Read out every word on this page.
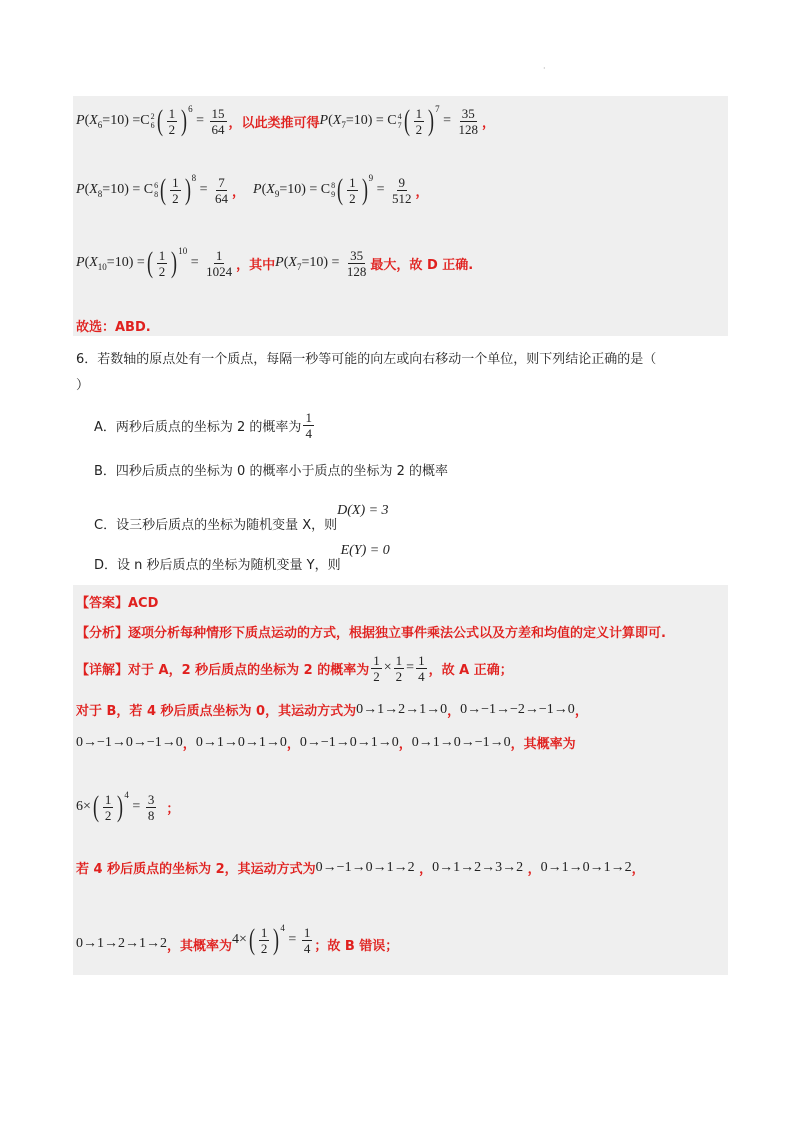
·
P ( X 6 =10 ) = C 2
6 ( $\frac{1}{2} )^6$
= $\frac{15}{64}$ ，以此类推可得 P ( X 7 =10) = C 4
7 ( $\frac{1}{2} )^7$
= $\frac{35}{128}$ ，
P ( X 8 =10) = C 6
8 ( $\frac{1}{2} )^8$
= $\frac{7}{64}$ ， P ( X 9 =10) = C 8
9 ( $\frac{1}{2} )^9$
= $\frac{9}{512}$ ，
P ( X 10 =10) = ( $\frac{1}{2} )^{10}$
= $\frac{1}{1024}$ ，其中 P ( X $7 =10) = \frac{35}{128}$ 最大，故 D 正确.
故选：ABD.
6．若数轴的原点处有一个质点，每隔一秒等可能的向左或向右移动一个单位，则下列结论正确的是（
）
A．两秒后质点的坐标为 2 的概率为 $\frac{1}{4}$
B．四秒后质点的坐标为 0 的概率小于质点的坐标为 2 的概率
C．设三秒后质点的坐标为随机变量 X，则
D(X) = 3
D．设 n 秒后质点的坐标为随机变量 Y，则
E(Y) = 0
【答案】ACD
【分析】逐项分析每种情形下质点运动的方式，根据独立事件乘法公式以及方差和均值的定义计算即可.
【详解】对于 A，2 秒后质点的坐标为 2 的概率为 $\frac{1}{2} \times \frac{1}{2} = \frac{1}{4}$ ，故 A 正确；
对于 B，若 4 秒后质点坐标为 0，其运动方式为 0→1→2→1→0 ， 0→−1→−2→−1→0 ，
0→−1→0→−1→0 ， 0→1→0→1→0 ， 0→−1→0→1→0 ， 0→1→0→−1→0 ，其概率为
6× ( $\frac{1}{2} )^4$
= $\frac{3}{8}$ ；
若 4 秒后质点的坐标为 2，其运动方式为 0→−1→0→1→2 ， 0→1→2→3→2 ， 0→1→0→1→2 ，
0→1→2→1→2 ，其概率为 4× ( $\frac{1}{2} )^4$
= $\frac{1}{4}$ ；故 B 错误；
